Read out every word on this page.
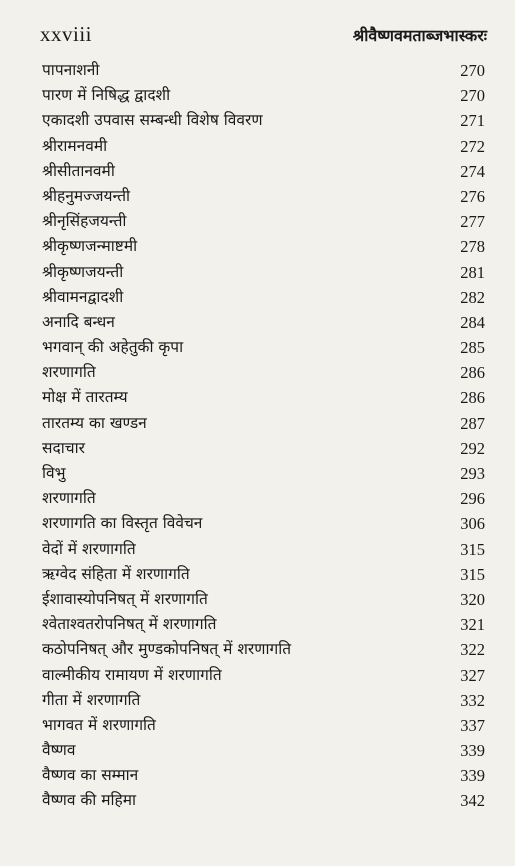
xxviii	श्रीवैष्णवमताब्जभास्करः
पापनाशनी	270
पारण में निषिद्ध द्वादशी	270
एकादशी उपवास सम्बन्धी विशेष विवरण	271
श्रीरामनवमी	272
श्रीसीतानवमी	274
श्रीहनुमज्जयन्ती	276
श्रीनृसिंहजयन्ती	277
श्रीकृष्णजन्माष्टमी	278
श्रीकृष्णजयन्ती	281
श्रीवामनद्वादशी	282
अनादि बन्धन	284
भगवान् की अहेतुकी कृपा	285
शरणागति	286
मोक्ष में तारतम्य	286
तारतम्य का खण्डन	287
सदाचार	292
विभु	293
शरणागति	296
शरणागति का विस्तृत विवेचन	306
वेदों में शरणागति	315
ऋग्वेद संहिता में शरणागति	315
ईशावास्योपनिषत् में शरणागति	320
श्वेताश्वतरोपनिषत् में शरणागति	321
कठोपनिषत् और मुण्डकोपनिषत् में शरणागति	322
वाल्मीकीय रामायण में शरणागति	327
गीता में शरणागति	332
भागवत में शरणागति	337
वैष्णव	339
वैष्णव का सम्मान	339
वैष्णव की महिमा	342
